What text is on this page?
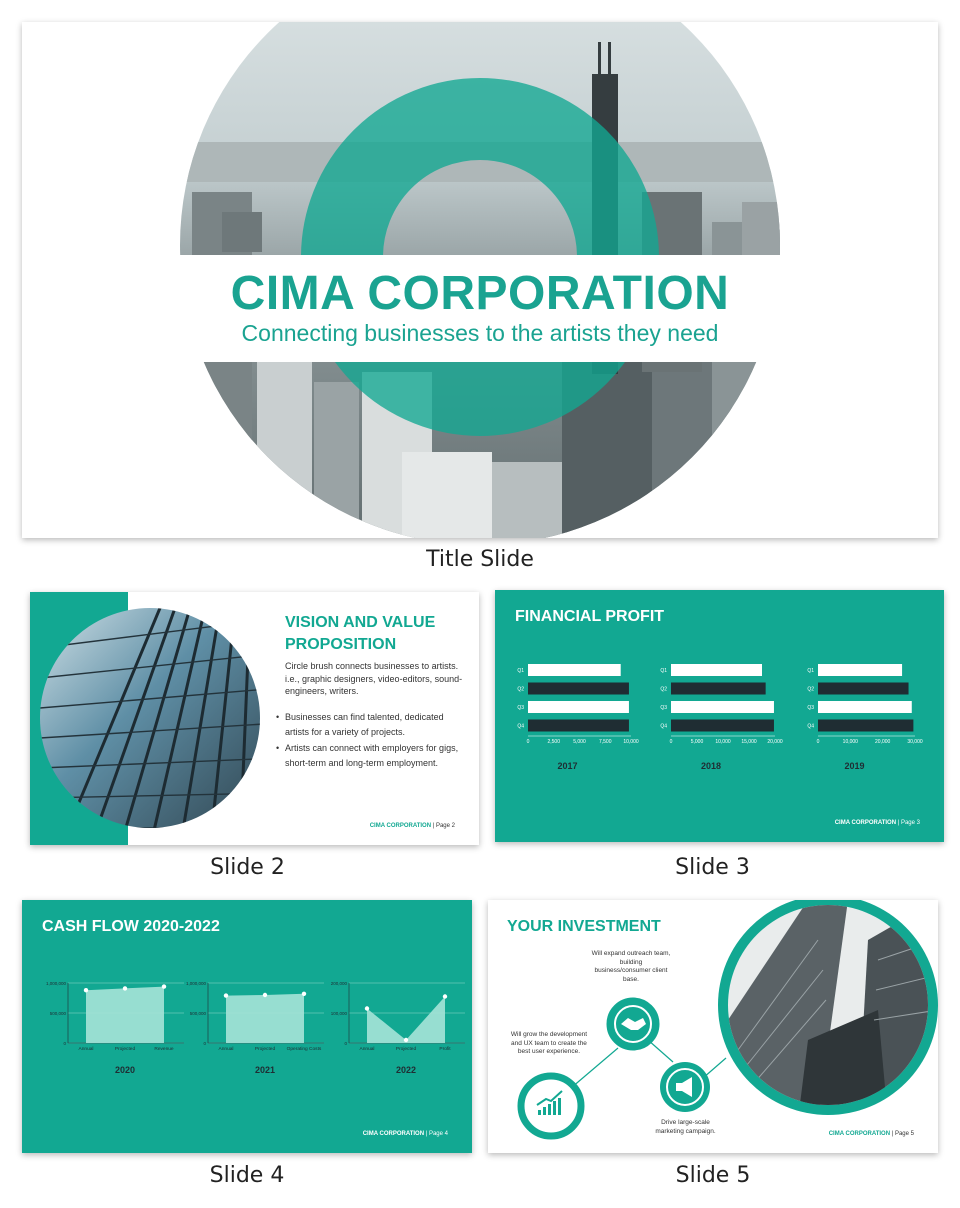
CIMA CORPORATION
Connecting businesses to the artists they need
Title Slide
VISION AND VALUE
PROPOSITION
Circle brush connects businesses to artists. i.e., graphic designers, video-editors, sound-engineers, writers.
• Businesses can find talented, dedicated artists for a variety of projects.
• Artists can connect with employers for gigs, short-term and long-term employment.
CIMA CORPORATION | Page 2
Slide 2
FINANCIAL PROFIT
Q1
Q2
Q3
Q4
0	2,500	5,000	7,500 10,000
2017
Q1
Q2
Q3
Q4
0	5,000 10,000 15,000 20,000
2018
Q1
Q2
Q3
Q4
0	10,000	20,000	30,000
2019
CIMA CORPORATION | Page 3
Slide 3
CASH FLOW 2020-2022
1,000,000
500,000
0
Annual	Projected	Revenue
2020
1,000,000
500,000
0
Annual	Projected Operating Costs
2021
200,000
100,000
0
Annual	Projected	Profit
2022
CIMA CORPORATION | Page 4
Slide 4
YOUR INVESTMENT
Will expand outreach team, building business/consumer client base.
Will grow the development and UX team to create the best user experience.
Drive large-scale marketing campaign.	CIMA CORPORATION | Page 5
Slide 5
